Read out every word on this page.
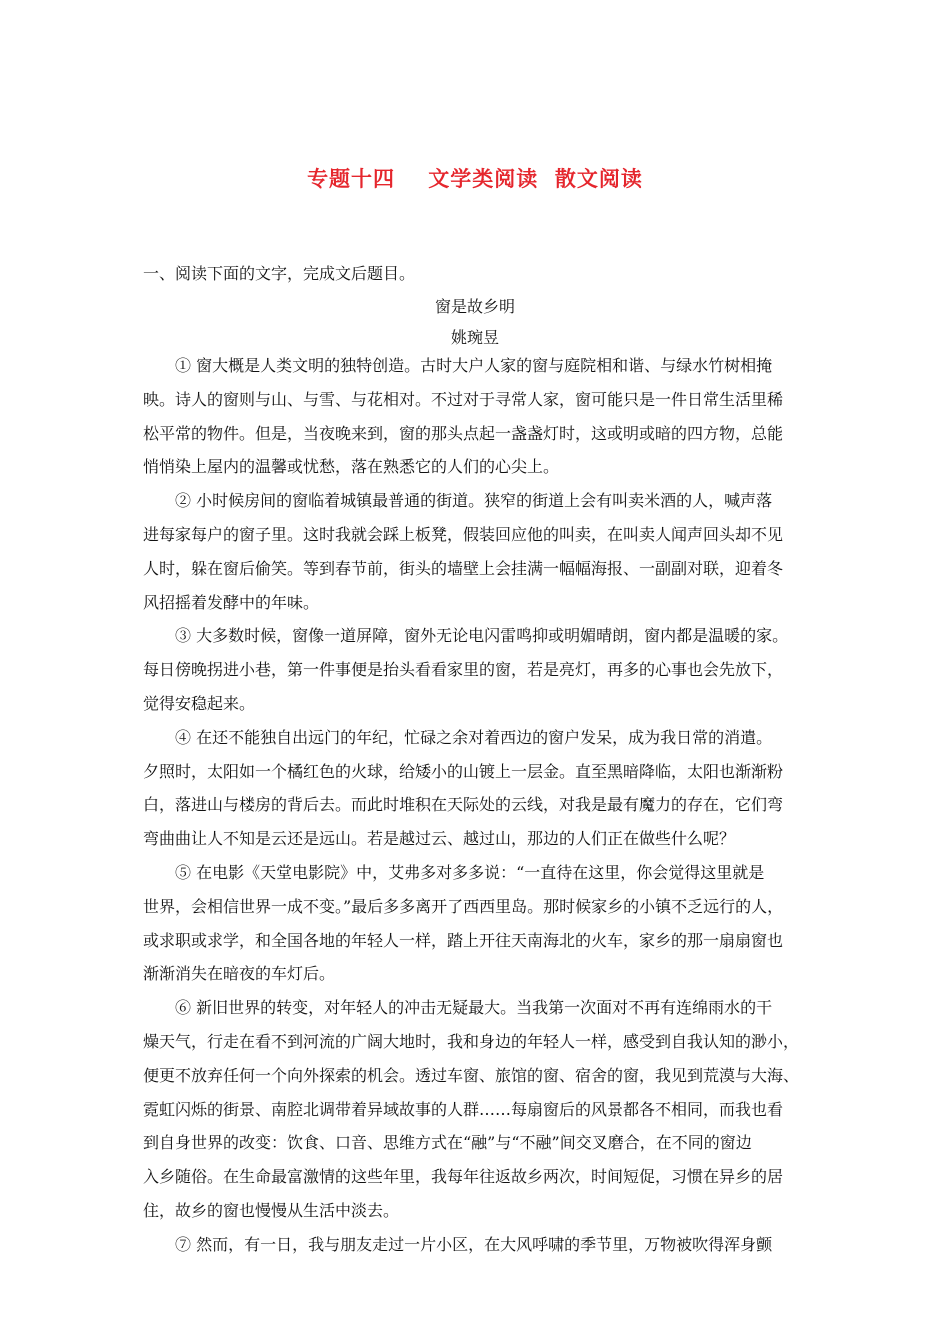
专题十四    文学类阅读  散文阅读

一、阅读下面的文字，完成文后题目。

窗是故乡明

姚琬昱

① 窗大概是人类文明的独特创造。古时大户人家的窗与庭院相和谐、与绿水竹树相掩
映。诗人的窗则与山、与雪、与花相对。不过对于寻常人家，窗可能只是一件日常生活里稀
松平常的物件。但是，当夜晚来到，窗的那头点起一盏盏灯时，这或明或暗的四方物，总能
悄悄染上屋内的温馨或忧愁，落在熟悉它的人们的心尖上。

② 小时候房间的窗临着城镇最普通的街道。狭窄的街道上会有叫卖米酒的人，喊声落
进每家每户的窗子里。这时我就会踩上板凳，假装回应他的叫卖，在叫卖人闻声回头却不见
人时，躲在窗后偷笑。等到春节前，街头的墙壁上会挂满一幅幅海报、一副副对联，迎着冬
风招摇着发酵中的年味。

③ 大多数时候，窗像一道屏障，窗外无论电闪雷鸣抑或明媚晴朗，窗内都是温暖的家。
每日傍晚拐进小巷，第一件事便是抬头看看家里的窗，若是亮灯，再多的心事也会先放下，
觉得安稳起来。

④ 在还不能独自出远门的年纪，忙碌之余对着西边的窗户发呆，成为我日常的消遣。
夕照时，太阳如一个橘红色的火球，给矮小的山镀上一层金。直至黑暗降临，太阳也渐渐粉
白，落进山与楼房的背后去。而此时堆积在天际处的云线，对我是最有魔力的存在，它们弯
弯曲曲让人不知是云还是远山。若是越过云、越过山，那边的人们正在做些什么呢？

⑤ 在电影《天堂电影院》中，艾弗多对多多说：“一直待在这里，你会觉得这里就是
世界，会相信世界一成不变。”最后多多离开了西西里岛。那时候家乡的小镇不乏远行的人，
或求职或求学，和全国各地的年轻人一样，踏上开往天南海北的火车，家乡的那一扇扇窗也
渐渐消失在暗夜的车灯后。

⑥ 新旧世界的转变，对年轻人的冲击无疑最大。当我第一次面对不再有连绵雨水的干
燥天气，行走在看不到河流的广阔大地时，我和身边的年轻人一样，感受到自我认知的渺小，
便更不放弃任何一个向外探索的机会。透过车窗、旅馆的窗、宿舍的窗，我见到荒漠与大海、
霓虹闪烁的街景、南腔北调带着异域故事的人群……每扇窗后的风景都各不相同，而我也看
到自身世界的改变：饮食、口音、思维方式在“融”与“不融”间交叉磨合，在不同的窗边
入乡随俗。在生命最富激情的这些年里，我每年往返故乡两次，时间短促，习惯在异乡的居
住，故乡的窗也慢慢从生活中淡去。

⑦ 然而，有一日，我与朋友走过一片小区，在大风呼啸的季节里，万物被吹得浑身颤
